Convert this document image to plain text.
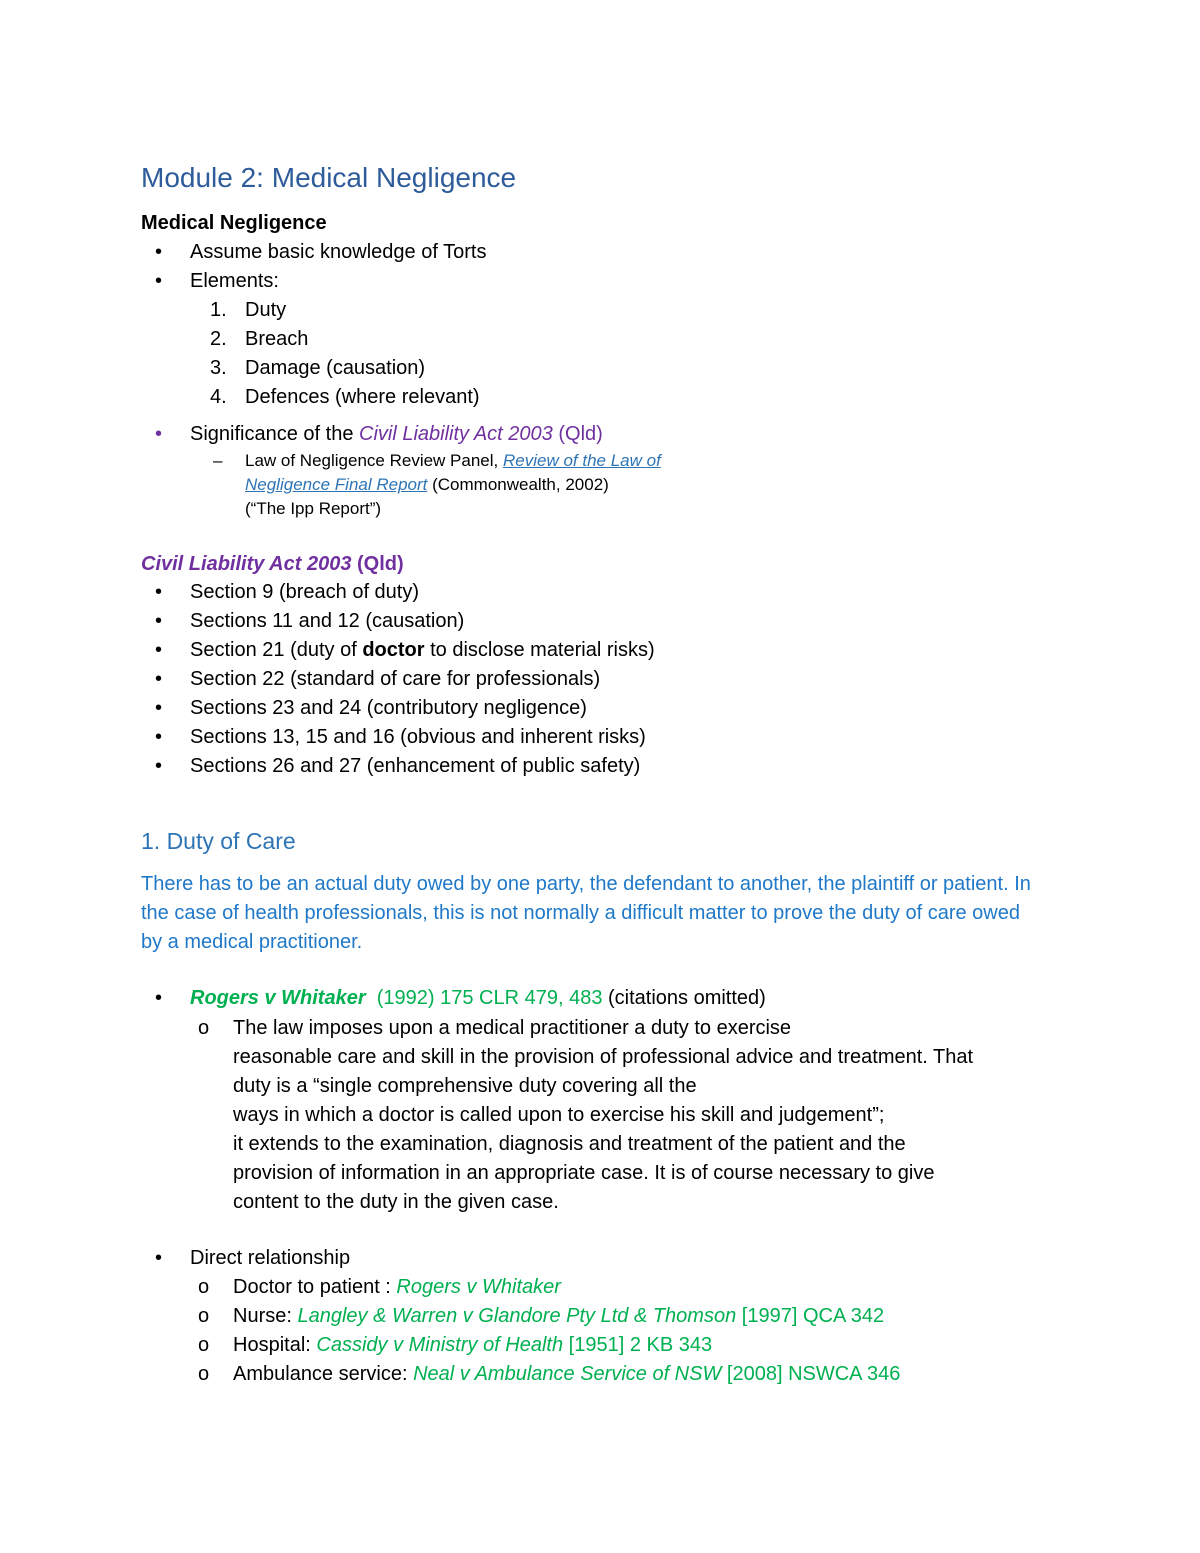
Module 2: Medical Negligence
Medical Negligence
• Assume basic knowledge of Torts
• Elements:
1. Duty
2. Breach
3. Damage (causation)
4. Defences (where relevant)
• Significance of the Civil Liability Act 2003 (Qld)
– Law of Negligence Review Panel, Review of the Law of
Negligence Final Report (Commonwealth, 2002)
(“The Ipp Report”)
Civil Liability Act 2003 (Qld)
• Section 9 (breach of duty)
• Sections 11 and 12 (causation)
• Section 21 (duty of doctor to disclose material risks)
• Section 22 (standard of care for professionals)
• Sections 23 and 24 (contributory negligence)
• Sections 13, 15 and 16 (obvious and inherent risks)
• Sections 26 and 27 (enhancement of public safety)
1. Duty of Care
There has to be an actual duty owed by one party, the defendant to another, the plaintiff or patient. In the case of health professionals, this is not normally a difficult matter to prove the duty of care owed by a medical practitioner.
• Rogers v Whitaker  (1992) 175 CLR 479, 483 (citations omitted)
o The law imposes upon a medical practitioner a duty to exercise
reasonable care and skill in the provision of professional advice and treatment. That
duty is a “single comprehensive duty covering all the
ways in which a doctor is called upon to exercise his skill and judgement”;
it extends to the examination, diagnosis and treatment of the patient and the
provision of information in an appropriate case. It is of course necessary to give
content to the duty in the given case.
• Direct relationship
o Doctor to patient : Rogers v Whitaker
o Nurse: Langley & Warren v Glandore Pty Ltd & Thomson [1997] QCA 342
o Hospital: Cassidy v Ministry of Health [1951] 2 KB 343
o Ambulance service: Neal v Ambulance Service of NSW [2008] NSWCA 346
